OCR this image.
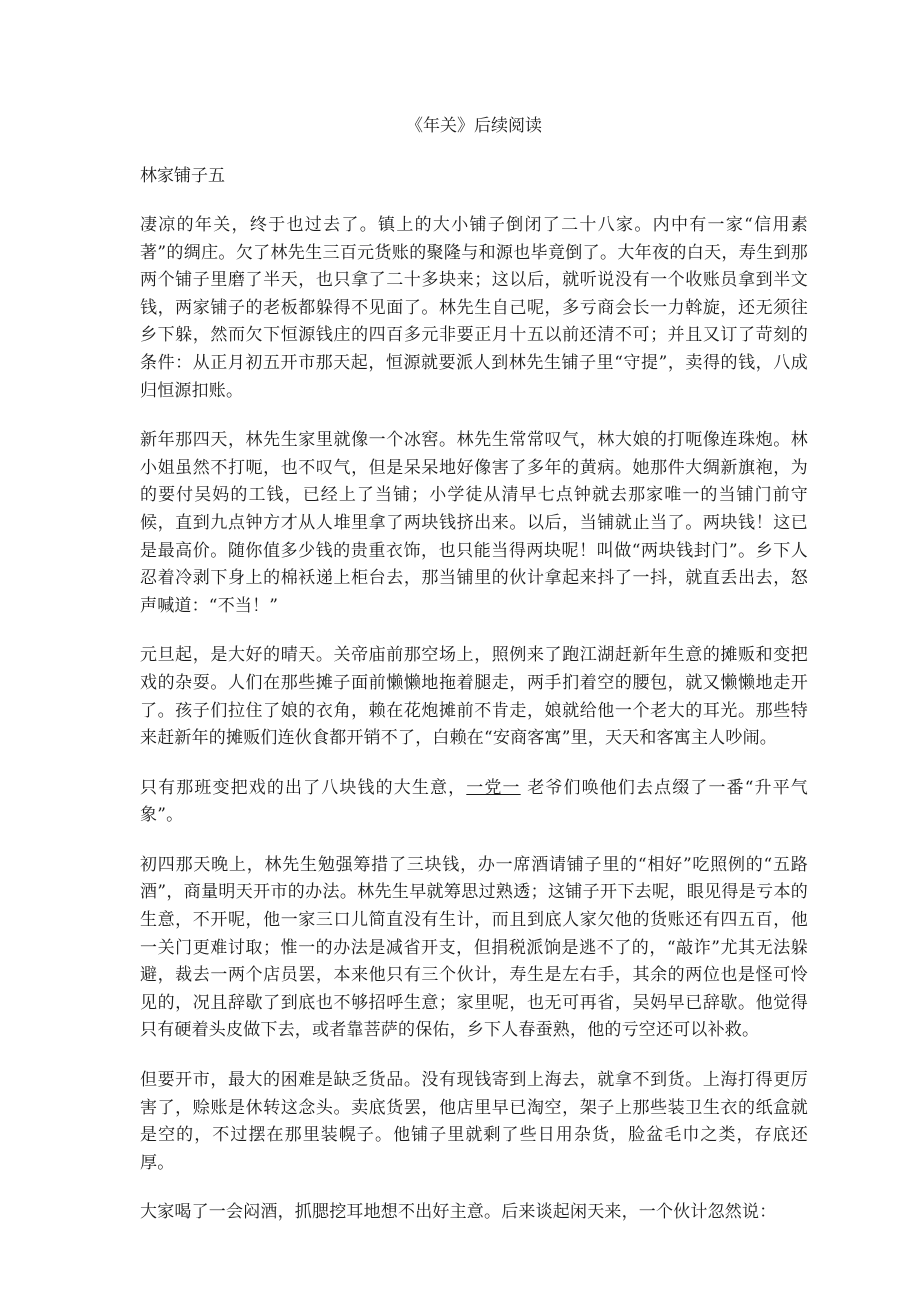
《年关》后续阅读
林家铺子五

凄凉的年关，终于也过去了。镇上的大小铺子倒闭了二十八家。内中有一家“信用素著”的绸庄。欠了林先生三百元货账的聚隆与和源也毕竟倒了。大年夜的白天，寿生到那两个铺子里磨了半天，也只拿了二十多块来；这以后，就听说没有一个收账员拿到半文钱，两家铺子的老板都躲得不见面了。林先生自己呢，多亏商会长一力斡旋，还无须往乡下躲，然而欠下恒源钱庄的四百多元非要正月十五以前还清不可；并且又订了苛刻的条件：从正月初五开市那天起，恒源就要派人到林先生铺子里“守提”，卖得的钱，八成归恒源扣账。

新年那四天，林先生家里就像一个冰窖。林先生常常叹气，林大娘的打呃像连珠炮。林小姐虽然不打呃，也不叹气，但是呆呆地好像害了多年的黄病。她那件大绸新旗袍，为的要付吴妈的工钱，已经上了当铺；小学徒从清早七点钟就去那家唯一的当铺门前守候，直到九点钟方才从人堆里拿了两块钱挤出来。以后，当铺就止当了。两块钱！这已是最高价。随你值多少钱的贵重衣饰，也只能当得两块呢！叫做“两块钱封门”。乡下人忍着冷剥下身上的棉袄递上柜台去，那当铺里的伙计拿起来抖了一抖，就直丢出去，怒声喊道：“不当！”

元旦起，是大好的晴天。关帝庙前那空场上，照例来了跑江湖赶新年生意的摊贩和变把戏的杂耍。人们在那些摊子面前懒懒地拖着腿走，两手扪着空的腰包，就又懒懒地走开了。孩子们拉住了娘的衣角，赖在花炮摊前不肯走，娘就给他一个老大的耳光。那些特来赶新年的摊贩们连伙食都开销不了，白赖在“安商客寓”里，天天和客寓主人吵闹。

只有那班变把戏的出了八块钱的大生意，一党一 老爷们唤他们去点缀了一番“升平气象”。

初四那天晚上，林先生勉强筹措了三块钱，办一席酒请铺子里的“相好”吃照例的“五路酒”，商量明天开市的办法。林先生早就筹思过熟透；这铺子开下去呢，眼见得是亏本的生意，不开呢，他一家三口儿简直没有生计，而且到底人家欠他的货账还有四五百，他一关门更难讨取；惟一的办法是减省开支，但捐税派饷是逃不了的，“敲诈”尤其无法躲避，裁去一两个店员罢，本来他只有三个伙计，寿生是左右手，其余的两位也是怪可怜见的，况且辞歇了到底也不够招呼生意；家里呢，也无可再省，吴妈早已辞歇。他觉得只有硬着头皮做下去，或者靠菩萨的保佑，乡下人春蚕熟，他的亏空还可以补救。

但要开市，最大的困难是缺乏货品。没有现钱寄到上海去，就拿不到货。上海打得更厉害了，赊账是休转这念头。卖底货罢，他店里早已淘空，架子上那些装卫生衣的纸盒就是空的，不过摆在那里装幌子。他铺子里就剩了些日用杂货，脸盆毛巾之类，存底还厚。

大家喝了一会闷酒，抓腮挖耳地想不出好主意。后来谈起闲天来，一个伙计忽然说：
